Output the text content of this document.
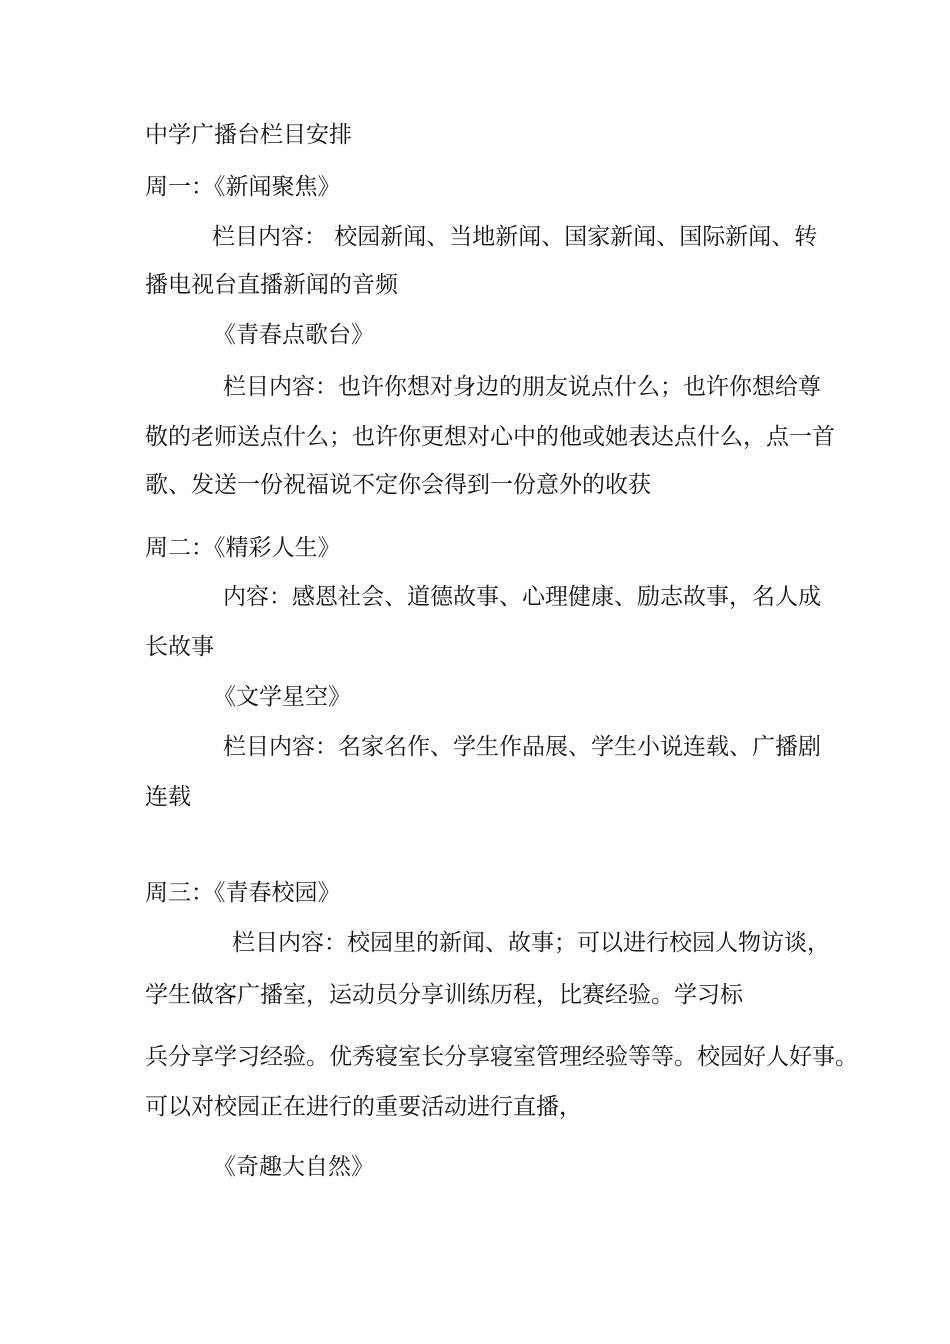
中学广播台栏目安排
周一：《新闻聚焦》
栏目内容： 校园新闻、当地新闻、国家新闻、国际新闻、转
播电视台直播新闻的音频
《青春点歌台》
栏目内容：也许你想对身边的朋友说点什么；也许你想给尊
敬的老师送点什么；也许你更想对心中的他或她表达点什么，点一首
歌、发送一份祝福说不定你会得到一份意外的收获
周二：《精彩人生》
内容：感恩社会、道德故事、心理健康、励志故事，名人成
长故事
《文学星空》
栏目内容：名家名作、学生作品展、学生小说连载、广播剧
连载
周三：《青春校园》
栏目内容：校园里的新闻、故事；可以进行校园人物访谈，
学生做客广播室，运动员分享训练历程，比赛经验。学习标
兵分享学习经验。优秀寝室长分享寝室管理经验等等。校园好人好事。
可以对校园正在进行的重要活动进行直播，
《奇趣大自然》
